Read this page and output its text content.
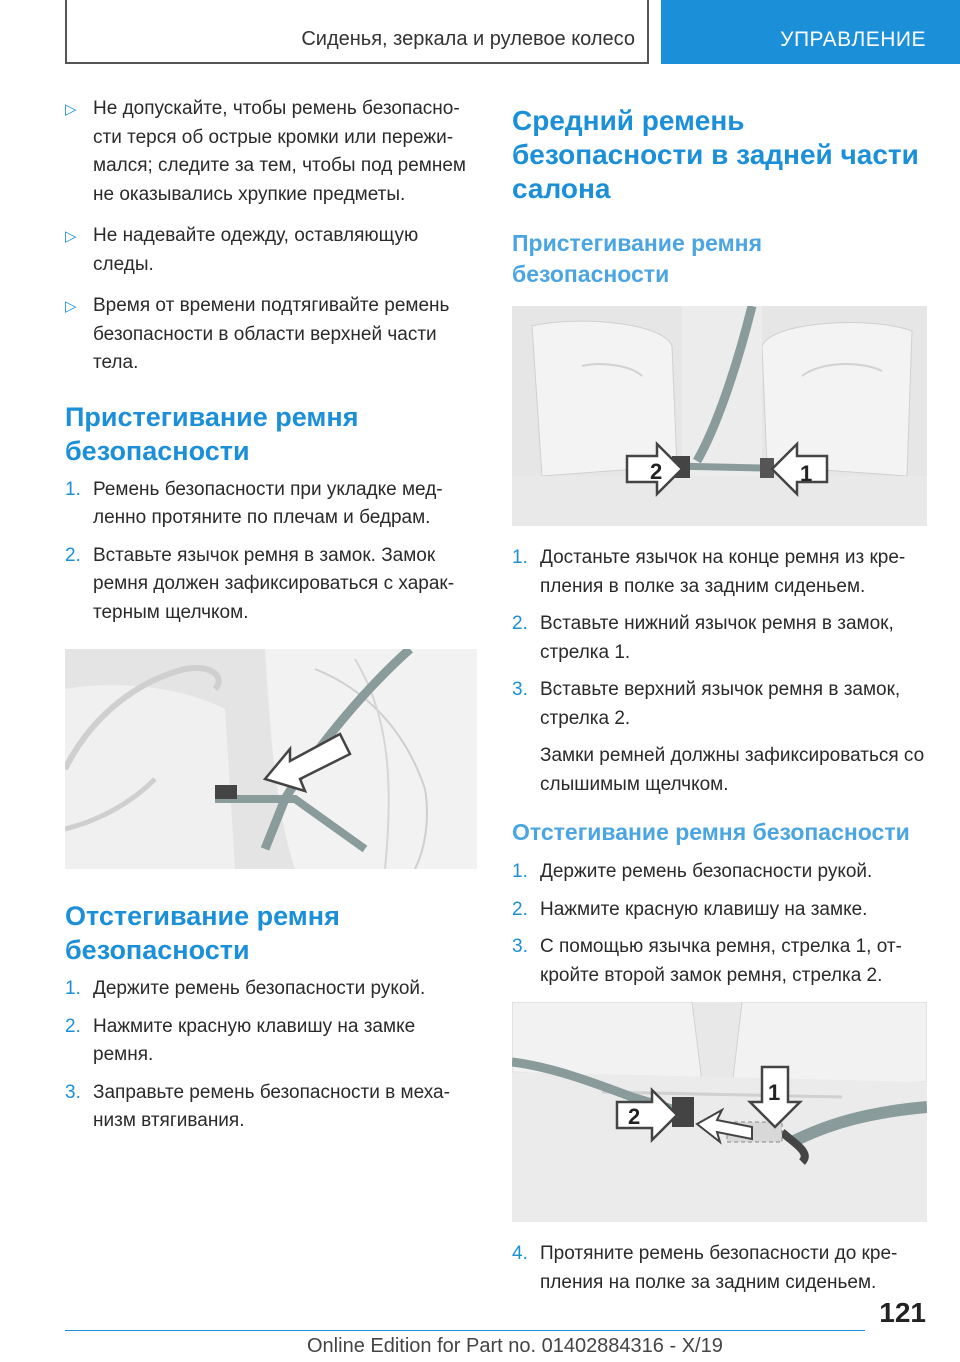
Сиденья, зеркала и рулевое колесо	УПРАВЛЕНИЕ
▷ Не допускайте, чтобы ремень безопасно-сти терся об острые кромки или пережи-мался; следите за тем, чтобы под ремнем не оказывались хрупкие предметы.
▷ Не надевайте одежду, оставляющую следы.
▷ Время от времени подтягивайте ремень безопасности в области верхней части тела.
Пристегивание ремня безопасности
1. Ремень безопасности при укладке мед-ленно протяните по плечам и бедрам.
2. Вставьте язычок ремня в замок. Замок ремня должен зафиксироваться с харак-терным щелчком.
Отстегивание ремня безопасности
1. Держите ремень безопасности рукой.
2. Нажмите красную клавишу на замке ремня.
3. Заправьте ремень безопасности в меха-низм втягивания.
Средний ремень безопасности в задней части салона
Пристегивание ремня безопасности
2	1
1. Достаньте язычок на конце ремня из кре-пления в полке за задним сиденьем.
2. Вставьте нижний язычок ремня в замок, стрелка 1.
3. Вставьте верхний язычок ремня в замок, стрелка 2.
Замки ремней должны зафиксироваться со слышимым щелчком.
Отстегивание ремня безопасности
1. Держите ремень безопасности рукой.
2. Нажмите красную клавишу на замке.
3. С помощью язычка ремня, стрелка 1, от-кройте второй замок ремня, стрелка 2.
1
2
4. Протяните ремень безопасности до кре-пления на полке за задним сиденьем.
121
Online Edition for Part no. 01402884316 - X/19
